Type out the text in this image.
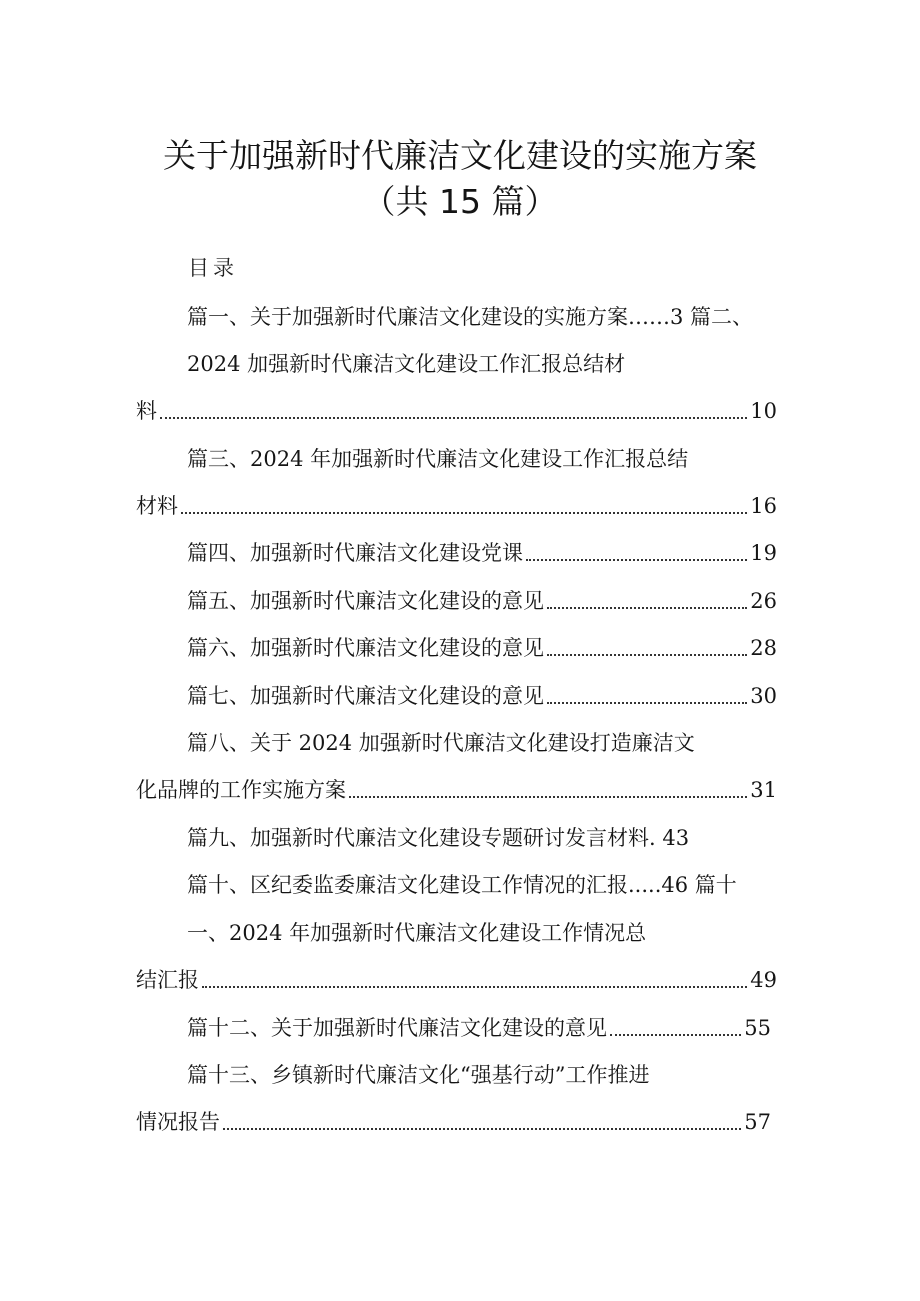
关于加强新时代廉洁文化建设的实施方案
（共 15 篇）
目录
篇一、关于加强新时代廉洁文化建设的实施方案……3 篇二、
2024 加强新时代廉洁文化建设工作汇报总结材
料	10
篇三、2024 年加强新时代廉洁文化建设工作汇报总结
材料	16
篇四、加强新时代廉洁文化建设党课	19
篇五、加强新时代廉洁文化建设的意见	26
篇六、加强新时代廉洁文化建设的意见	28
篇七、加强新时代廉洁文化建设的意见	30
篇八、关于 2024 加强新时代廉洁文化建设打造廉洁文
化品牌的工作实施方案	31
篇九、加强新时代廉洁文化建设专题研讨发言材料. 43
篇十、区纪委监委廉洁文化建设工作情况的汇报.....46 篇十
一、2024 年加强新时代廉洁文化建设工作情况总
结汇报	49
篇十二、关于加强新时代廉洁文化建设的意见	55
篇十三、乡镇新时代廉洁文化“强基行动”工作推进
情况报告	57
